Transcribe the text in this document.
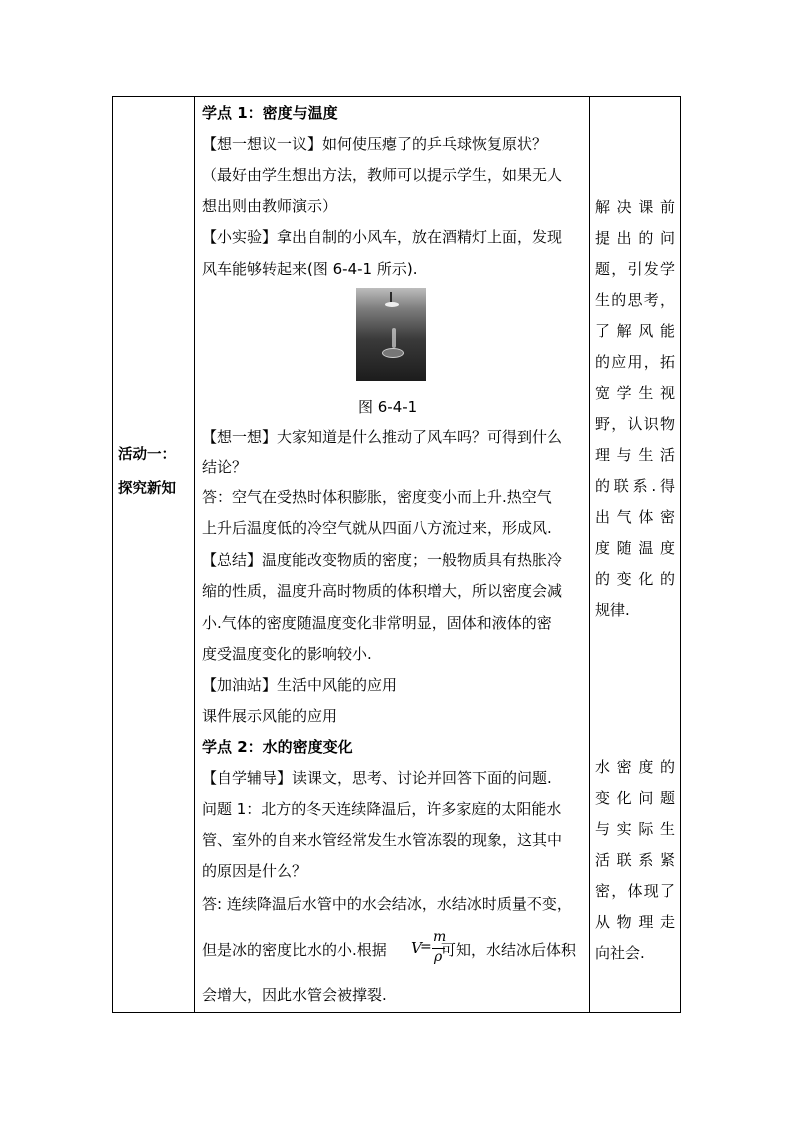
活动一：
探究新知
学点 1：密度与温度
【想一想议一议】如何使压瘪了的乒乓球恢复原状？
（最好由学生想出方法，教师可以提示学生，如果无人
想出则由教师演示）
【小实验】拿出自制的小风车，放在酒精灯上面，发现
风车能够转起来(图 6-4-1 所示).
图 6-4-1
【想一想】大家知道是什么推动了风车吗？可得到什么
结论？
答：空气在受热时体积膨胀，密度变小而上升.热空气
上升后温度低的冷空气就从四面八方流过来，形成风.
【总结】温度能改变物质的密度；一般物质具有热胀冷
缩的性质，温度升高时物质的体积增大，所以密度会减
小.气体的密度随温度变化非常明显，固体和液体的密
度受温度变化的影响较小.
【加油站】生活中风能的应用
课件展示风能的应用
学点 2：水的密度变化
【自学辅导】读课文，思考、讨论并回答下面的问题.
问题 1：北方的冬天连续降温后，许多家庭的太阳能水
管、室外的自来水管经常发生水管冻裂的现象，这其中
的原因是什么？
答: 连续降温后水管中的水会结冰，水结冰时质量不变，
但是冰的密度比水的小.根据 V
=
m
ρ
可知，水结冰后体积
会增大，因此水管会被撑裂.
解决课前
提出的问
题，引发学
生的思考，
了解风能
的应用，拓
宽学生视
野，认识物
理与生活
的联系.得
出气体密
度随温度
的变化的
规律.
水密度的
变化问题
与实际生
活联系紧
密，体现了
从物理走
向社会.
